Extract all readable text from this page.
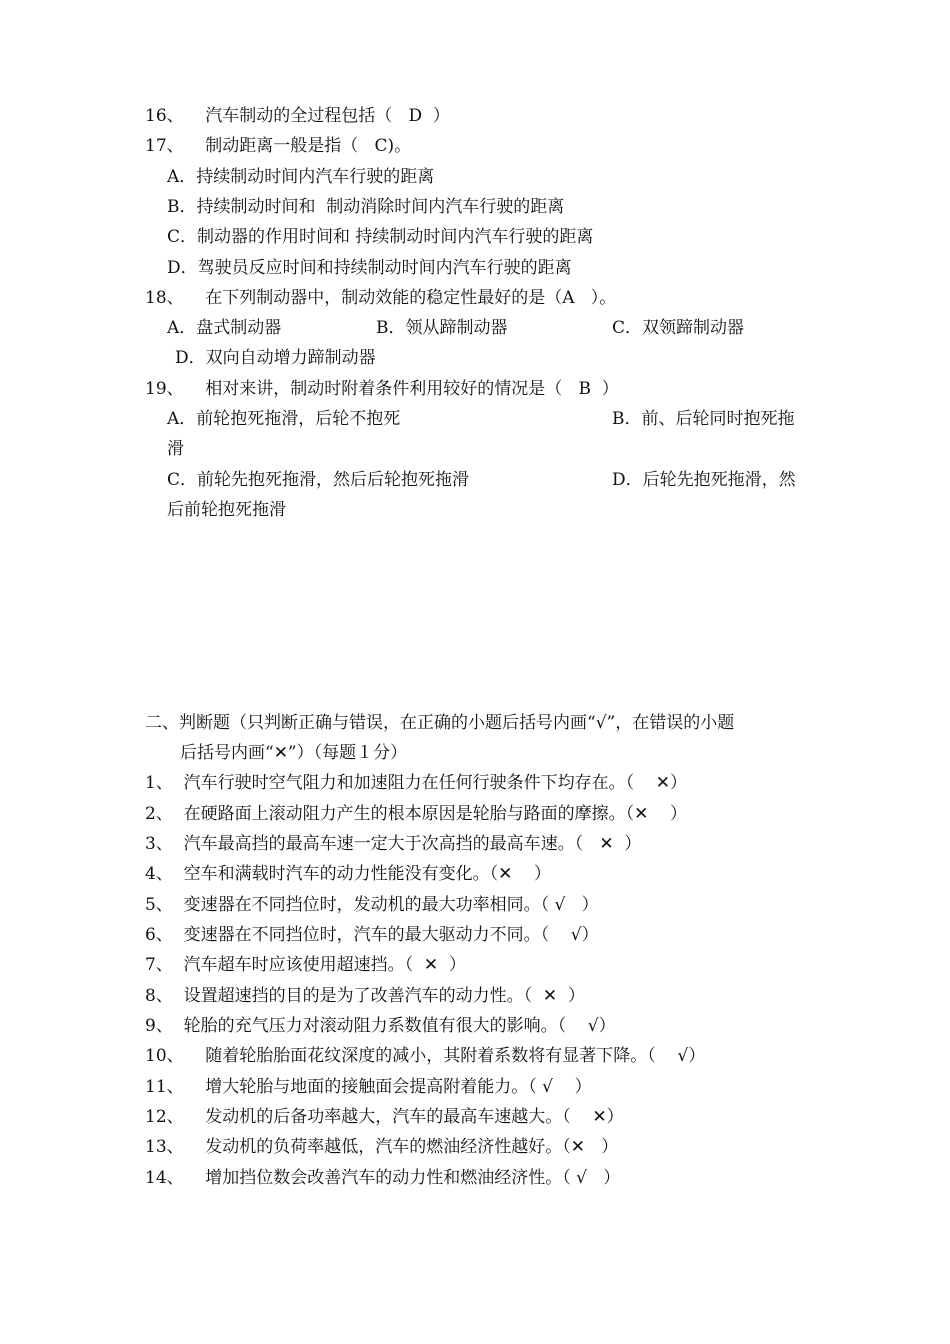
16、    汽车制动的全过程包括（   D  ）
17、    制动距离一般是指（   C)。
A．持续制动时间内汽车行驶的距离
B．持续制动时间和  制动消除时间内汽车行驶的距离
C．制动器的作用时间和 持续制动时间内汽车行驶的距离
D．驾驶员反应时间和持续制动时间内汽车行驶的距离
18、    在下列制动器中，制动效能的稳定性最好的是（A   ）。
A．盘式制动器	B．领从蹄制动器	C．双领蹄制动器
D．双向自动增力蹄制动器
19、    相对来讲，制动时附着条件利用较好的情况是（   B  ）
A．前轮抱死拖滑，后轮不抱死	B．前、后轮同时抱死拖
滑
C．前轮先抱死拖滑，然后后轮抱死拖滑	D．后轮先抱死拖滑，然
后前轮抱死拖滑
二、判断题（只判断正确与错误，在正确的小题后括号内画“√”，在错误的小题
后括号内画“✕”）（每题１分）
1、  汽车行驶时空气阻力和加速阻力在任何行驶条件下均存在。（    ✕）
2、  在硬路面上滚动阻力产生的根本原因是轮胎与路面的摩擦。（✕    ）
3、  汽车最高挡的最高车速一定大于次高挡的最高车速。（   ✕  ）
4、  空车和满载时汽车的动力性能没有变化。（✕    ）
5、  变速器在不同挡位时，发动机的最大功率相同。（ √   ）
6、  变速器在不同挡位时，汽车的最大驱动力不同。（    √）
7、  汽车超车时应该使用超速挡。（  ✕  ）
8、  设置超速挡的目的是为了改善汽车的动力性。（  ✕  ）
9、  轮胎的充气压力对滚动阻力系数值有很大的影响。（    √）
10、    随着轮胎胎面花纹深度的减小，其附着系数将有显著下降。（    √）
11、    增大轮胎与地面的接触面会提高附着能力。（ √    ）
12、    发动机的后备功率越大，汽车的最高车速越大。（    ✕）
13、    发动机的负荷率越低，汽车的燃油经济性越好。（✕   ）
14、    增加挡位数会改善汽车的动力性和燃油经济性。（ √   ）
